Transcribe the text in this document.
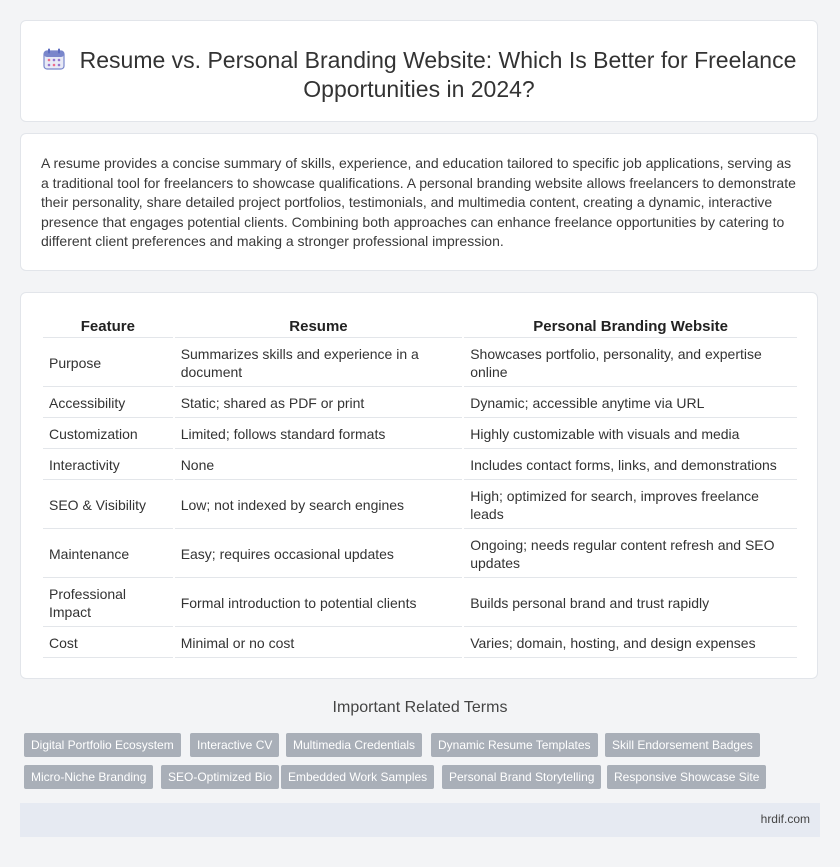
Resume vs. Personal Branding Website: Which Is Better for Freelance Opportunities in 2024?

A resume provides a concise summary of skills, experience, and education tailored to specific job applications, serving as a traditional tool for freelancers to showcase qualifications. A personal branding website allows freelancers to demonstrate their personality, share detailed project portfolios, testimonials, and multimedia content, creating a dynamic, interactive presence that engages potential clients. Combining both approaches can enhance freelance opportunities by catering to different client preferences and making a stronger professional impression.

Feature	Resume	Personal Branding Website
Purpose	Summarizes skills and experience in a document	Showcases portfolio, personality, and expertise online
Accessibility	Static; shared as PDF or print	Dynamic; accessible anytime via URL
Customization	Limited; follows standard formats	Highly customizable with visuals and media
Interactivity	None	Includes contact forms, links, and demonstrations
SEO & Visibility	Low; not indexed by search engines	High; optimized for search, improves freelance leads
Maintenance	Easy; requires occasional updates	Ongoing; needs regular content refresh and SEO updates
Professional Impact	Formal introduction to potential clients	Builds personal brand and trust rapidly
Cost	Minimal or no cost	Varies; domain, hosting, and design expenses
Important Related Terms
Digital Portfolio Ecosystem	Interactive CV	Multimedia Credentials	Dynamic Resume Templates	Skill Endorsement Badges
Micro-Niche Branding	SEO-Optimized Bio	Embedded Work Samples	Personal Brand Storytelling	Responsive Showcase Site
hrdif.com
